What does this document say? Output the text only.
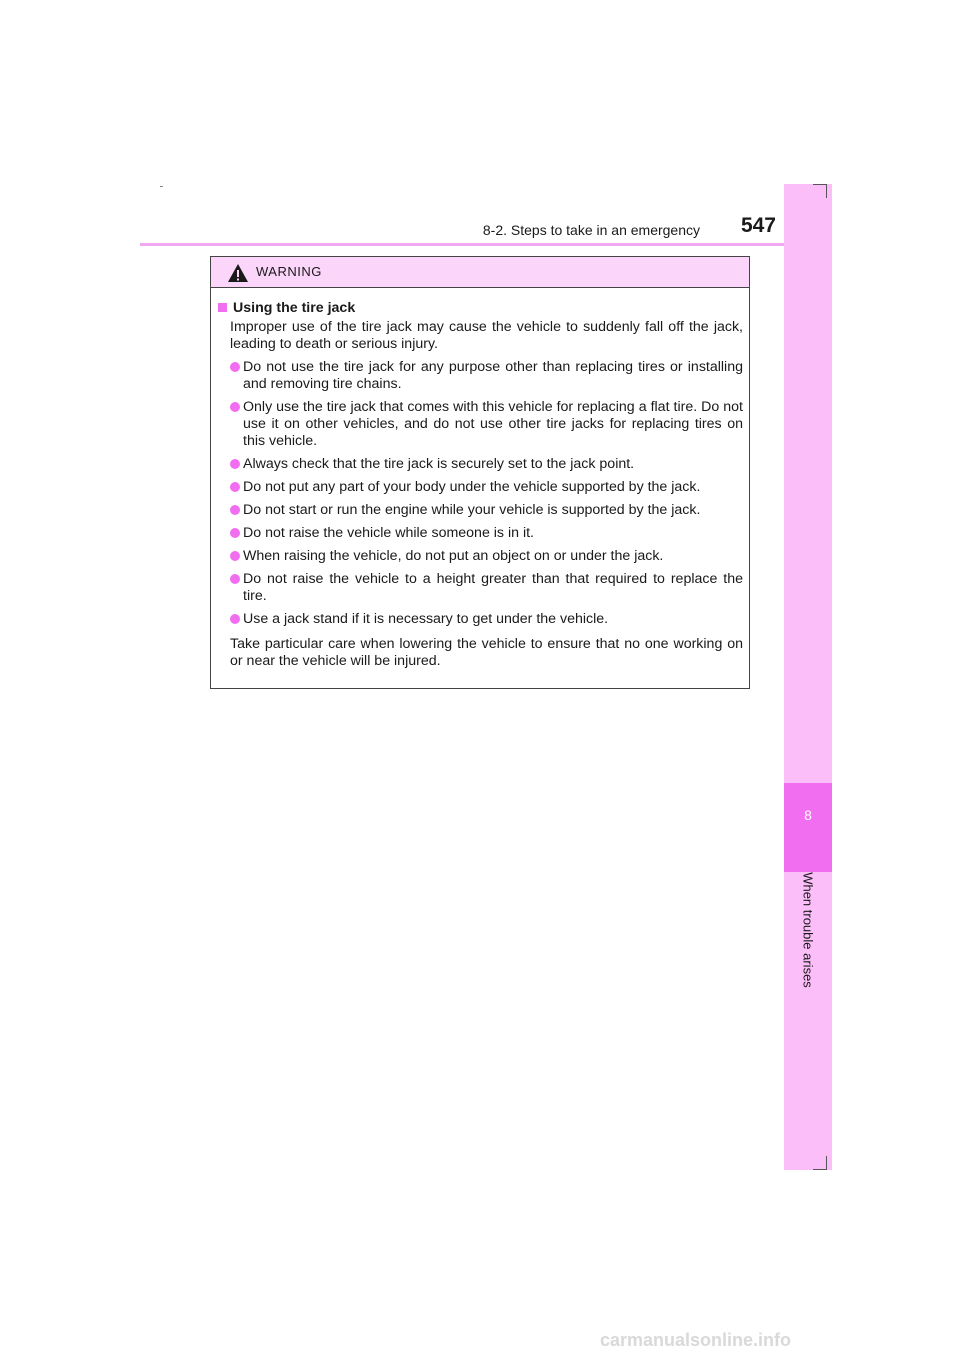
8-2. Steps to take in an emergency 547
8
When trouble arises
WARNING
Using the tire jack

Improper use of the tire jack may cause the vehicle to suddenly fall off the jack, leading to death or serious injury.

Do not use the tire jack for any purpose other than replacing tires or installing and removing tire chains.
Only use the tire jack that comes with this vehicle for replacing a flat tire. Do not use it on other vehicles, and do not use other tire jacks for replacing tires on this vehicle.
Always check that the tire jack is securely set to the jack point.
Do not put any part of your body under the vehicle supported by the jack.
Do not start or run the engine while your vehicle is supported by the jack.
Do not raise the vehicle while someone is in it.
When raising the vehicle, do not put an object on or under the jack.
Do not raise the vehicle to a height greater than that required to replace the tire.
Use a jack stand if it is necessary to get under the vehicle.

Take particular care when lowering the vehicle to ensure that no one working on or near the vehicle will be injured.

carmanualsonline.info
